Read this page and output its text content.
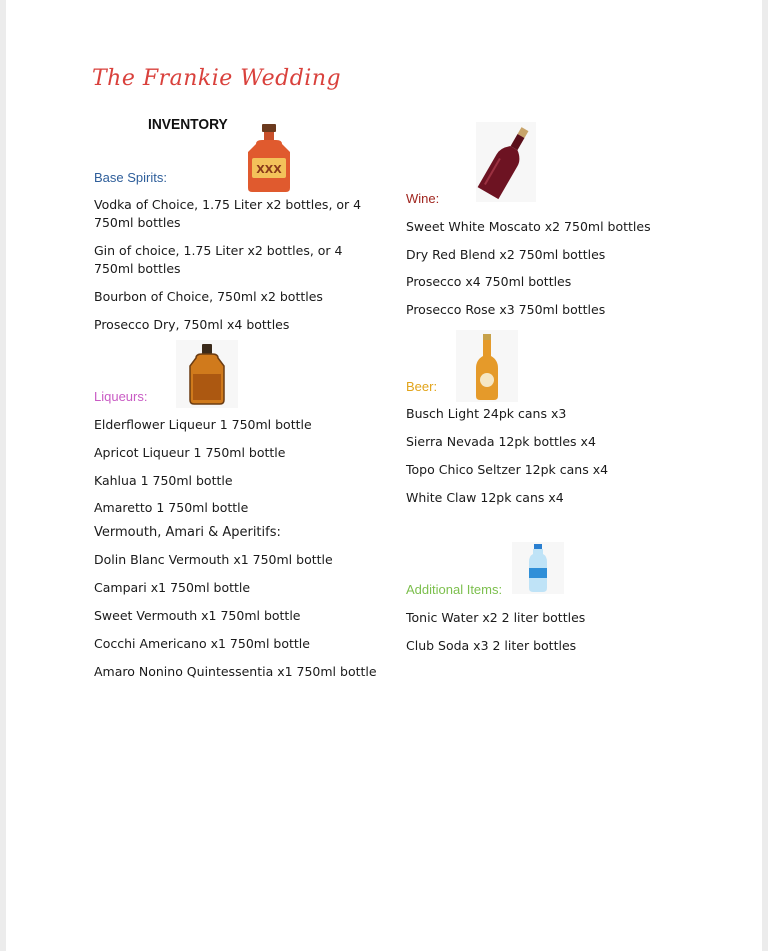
The Frankie Wedding
INVENTORY
Base Spirits:
XXX
Vodka of Choice, 1.75 Liter x2 bottles, or 4 750ml bottles
Gin of choice, 1.75 Liter x2 bottles, or 4 750ml bottles
Bourbon of Choice, 750ml x2 bottles
Prosecco Dry, 750ml x4 bottles
Liqueurs:
Elderflower Liqueur 1 750ml bottle
Apricot Liqueur 1 750ml bottle
Kahlua 1 750ml bottle
Amaretto 1 750ml bottle
Vermouth, Amari & Aperitifs:
Dolin Blanc Vermouth x1 750ml bottle
Campari x1 750ml bottle
Sweet Vermouth x1 750ml bottle
Cocchi Americano x1 750ml bottle
Amaro Nonino Quintessentia x1 750ml bottle
Wine:
Sweet White Moscato x2 750ml bottles
Dry Red Blend x2 750ml bottles
Prosecco x4 750ml bottles
Prosecco Rose x3 750ml bottles
Beer:
Busch Light 24pk cans x3
Sierra Nevada 12pk bottles x4
Topo Chico Seltzer 12pk cans x4
White Claw 12pk cans x4
Additional Items:
Tonic Water x2 2 liter bottles
Club Soda x3 2 liter bottles
